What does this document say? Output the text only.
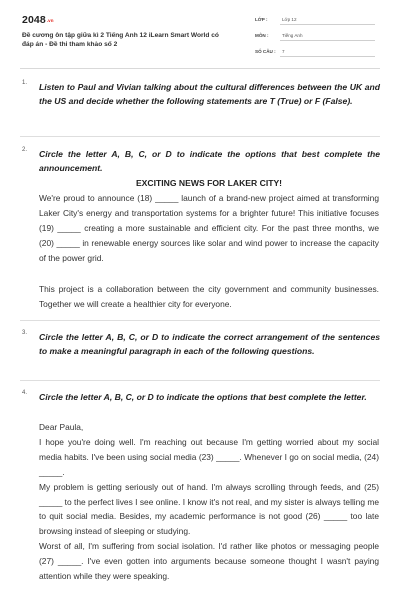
$2048^{.vn}$
Đề cương ôn tập giữa kì 2 Tiếng Anh 12 iLearn Smart World có đáp án - Đề thi tham khảo số 2
LỚP :	Lớp 12
MÔN :	Tiếng Anh
SỐ CÂU : 7
1. Listen to Paul and Vivian talking about the cultural differences between the UK and the US and decide whether the following statements are T (True) or F (False).
2. Circle the letter A, B, C, or D to indicate the options that best complete the announcement.
EXCITING NEWS FOR LAKER CITY!

We're proud to announce (18) _____ launch of a brand-new project aimed at transforming Laker City's energy and transportation systems for a brighter future! This initiative focuses (19) _____ creating a more sustainable and efficient city. For the past three months, we (20) _____ in renewable energy sources like solar and wind power to increase the capacity of the power grid.

This project is a collaboration between the city government and community businesses. Together we will create a healthier city for everyone.

3. Circle the letter A, B, C, or D to indicate the correct arrangement of the sentences to make a meaningful paragraph in each of the following questions.
4. Circle the letter A, B, C, or D to indicate the options that best complete the letter.

Dear Paula,

I hope you're doing well. I'm reaching out because I'm getting worried about my social media habits. I've been using social media (23) _____. Whenever I go on social media, (24) _____.

My problem is getting seriously out of hand. I'm always scrolling through feeds, and (25) _____ to the perfect lives I see online. I know it's not real, and my sister is always telling me to quit social media. Besides, my academic performance is not good (26) _____ too late browsing instead of sleeping or studying.

Worst of all, I'm suffering from social isolation. I'd rather like photos or messaging people (27) _____. I've even gotten into arguments because someone thought I wasn't paying attention while they were speaking.
